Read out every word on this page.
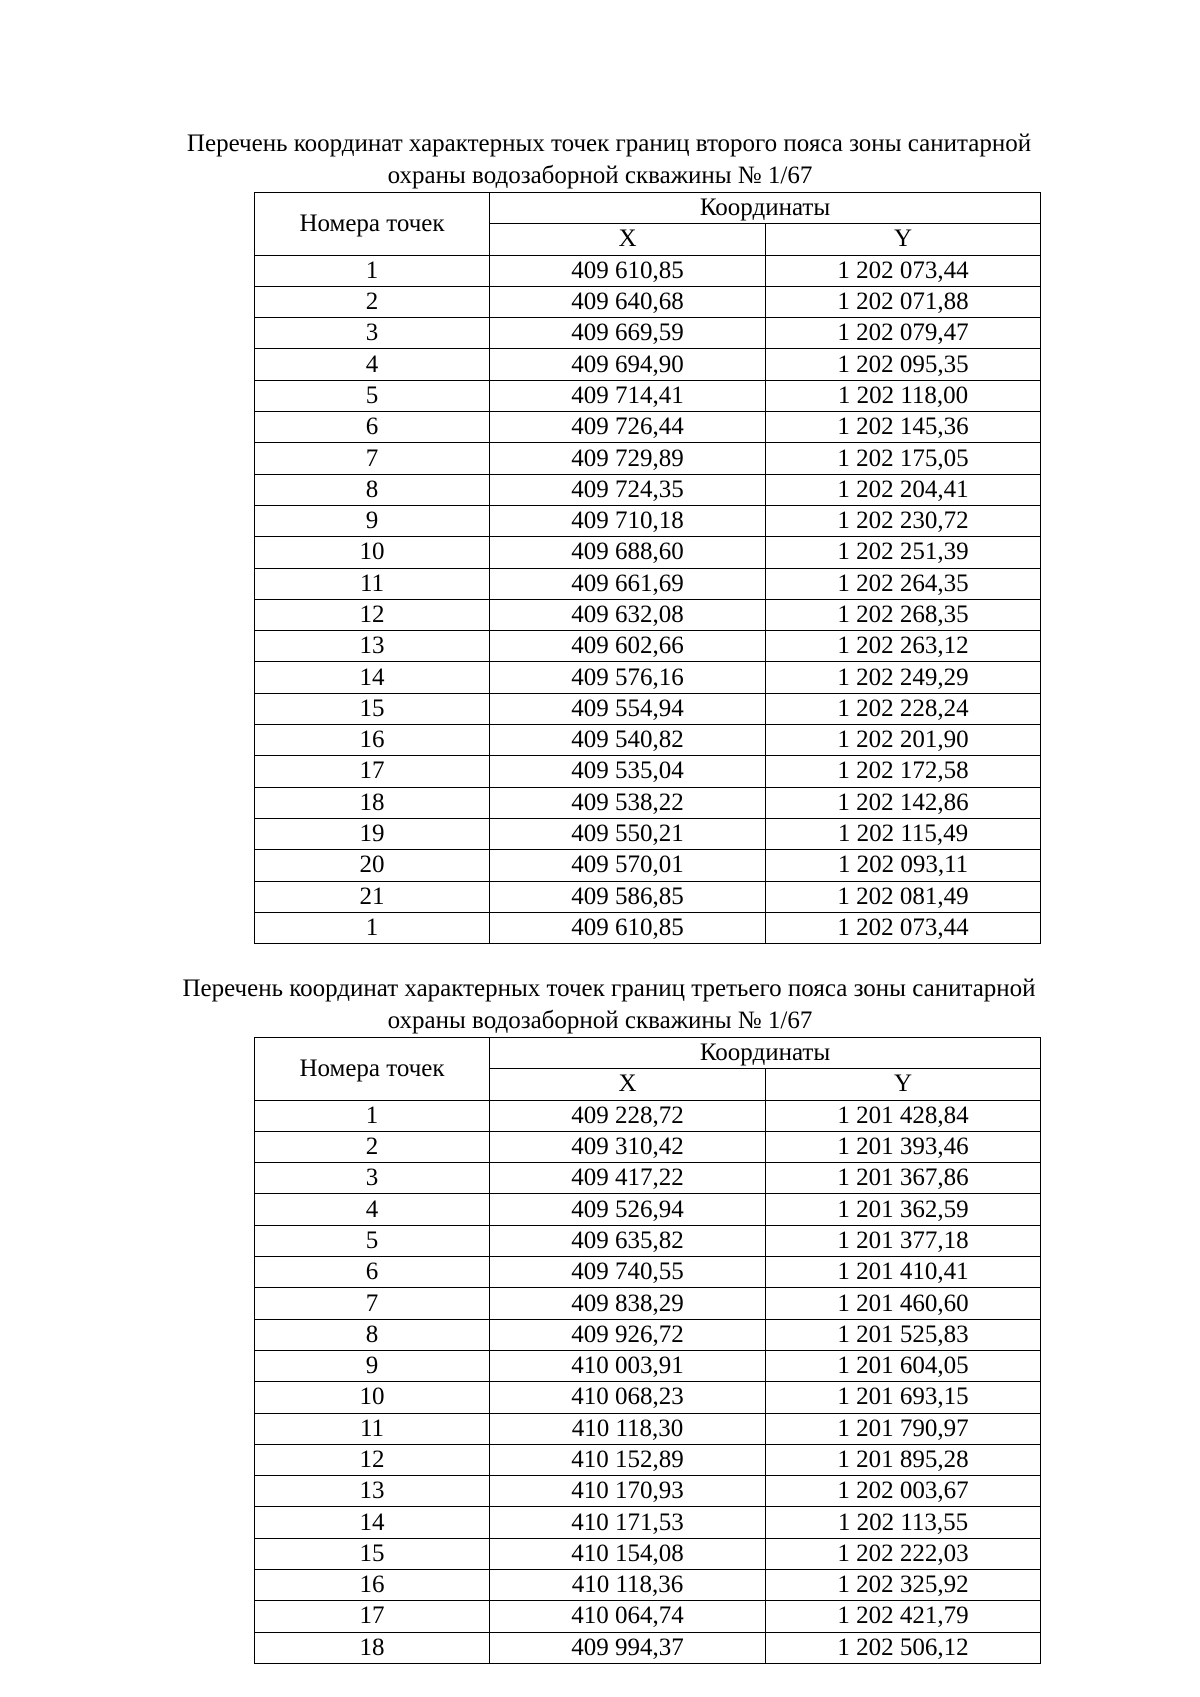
Перечень координат характерных точек границ второго пояса зоны санитарной
охраны водозаборной скважины № 1/67
Номера точек	Координаты	
	X	Y
1	409 610,85	1 202 073,44
2	409 640,68	1 202 071,88
3	409 669,59	1 202 079,47
4	409 694,90	1 202 095,35
5	409 714,41	1 202 118,00
6	409 726,44	1 202 145,36
7	409 729,89	1 202 175,05
8	409 724,35	1 202 204,41
9	409 710,18	1 202 230,72
10	409 688,60	1 202 251,39
11	409 661,69	1 202 264,35
12	409 632,08	1 202 268,35
13	409 602,66	1 202 263,12
14	409 576,16	1 202 249,29
15	409 554,94	1 202 228,24
16	409 540,82	1 202 201,90
17	409 535,04	1 202 172,58
18	409 538,22	1 202 142,86
19	409 550,21	1 202 115,49
20	409 570,01	1 202 093,11
21	409 586,85	1 202 081,49
1	409 610,85	1 202 073,44
Перечень координат характерных точек границ третьего пояса зоны санитарной
охраны водозаборной скважины № 1/67
Номера точек	Координаты	
	X	Y
1	409 228,72	1 201 428,84
2	409 310,42	1 201 393,46
3	409 417,22	1 201 367,86
4	409 526,94	1 201 362,59
5	409 635,82	1 201 377,18
6	409 740,55	1 201 410,41
7	409 838,29	1 201 460,60
8	409 926,72	1 201 525,83
9	410 003,91	1 201 604,05
10	410 068,23	1 201 693,15
11	410 118,30	1 201 790,97
12	410 152,89	1 201 895,28
13	410 170,93	1 202 003,67
14	410 171,53	1 202 113,55
15	410 154,08	1 202 222,03
16	410 118,36	1 202 325,92
17	410 064,74	1 202 421,79
18	409 994,37	1 202 506,12
